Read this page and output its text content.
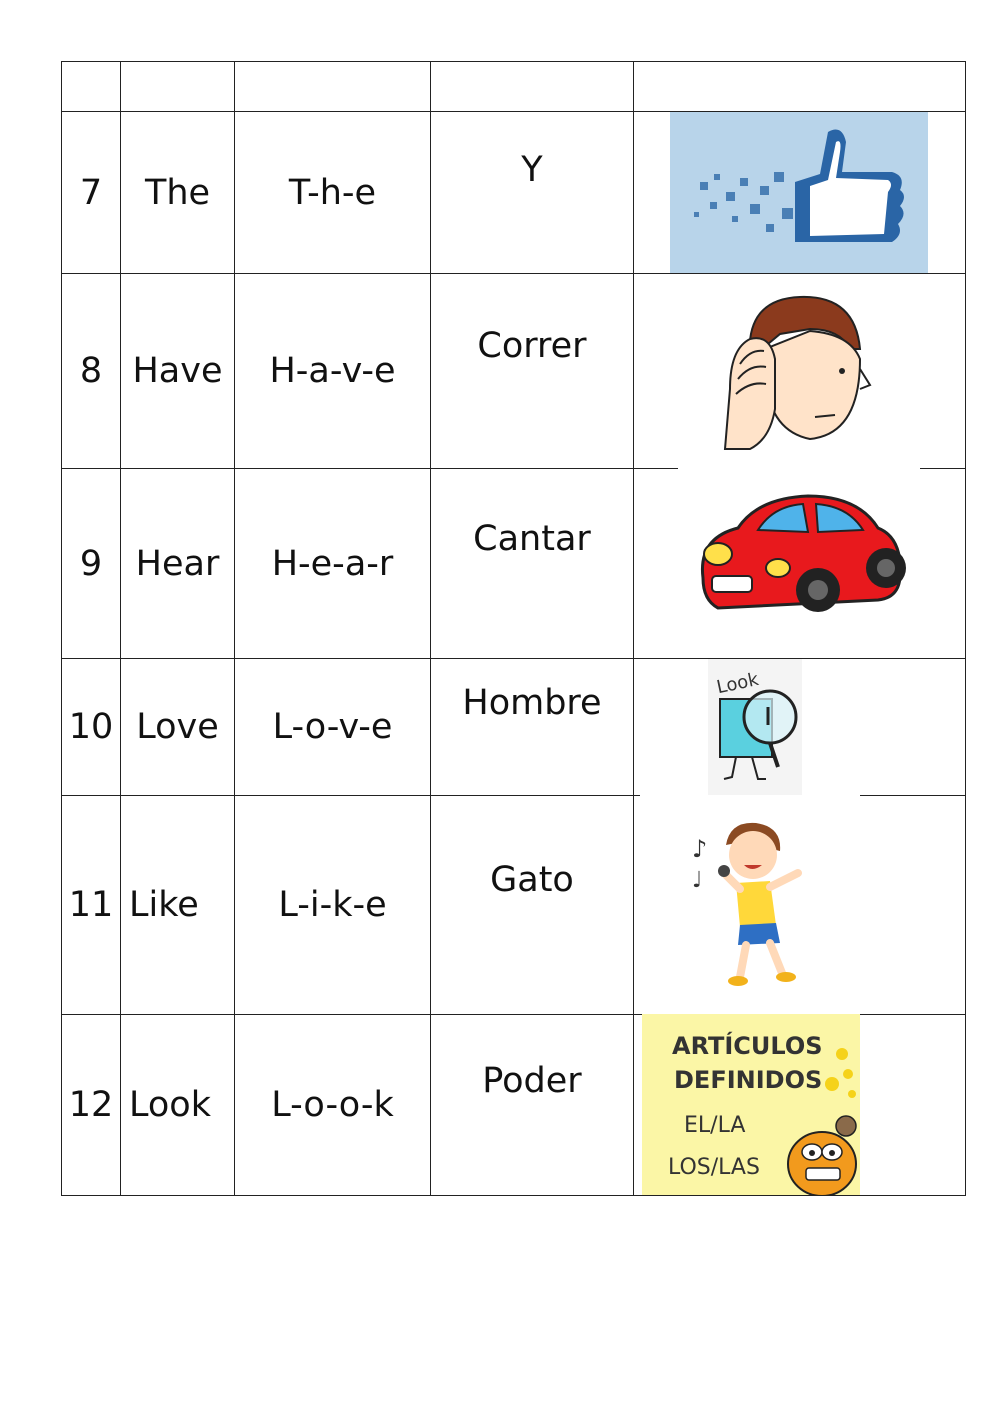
7	The	T-h-e	Y

8	Have	H-a-v-e	Correr

9	Hear	H-e-a-r	Cantar

10	Love	L-o-v-e	Hombre	Look

11	Like	L-i-k-e	Gato	♪
♩

12	Look	L-o-o-k	Poder	ARTÍCULOS
DEFINIDOS
EL/LA
LOS/LAS
